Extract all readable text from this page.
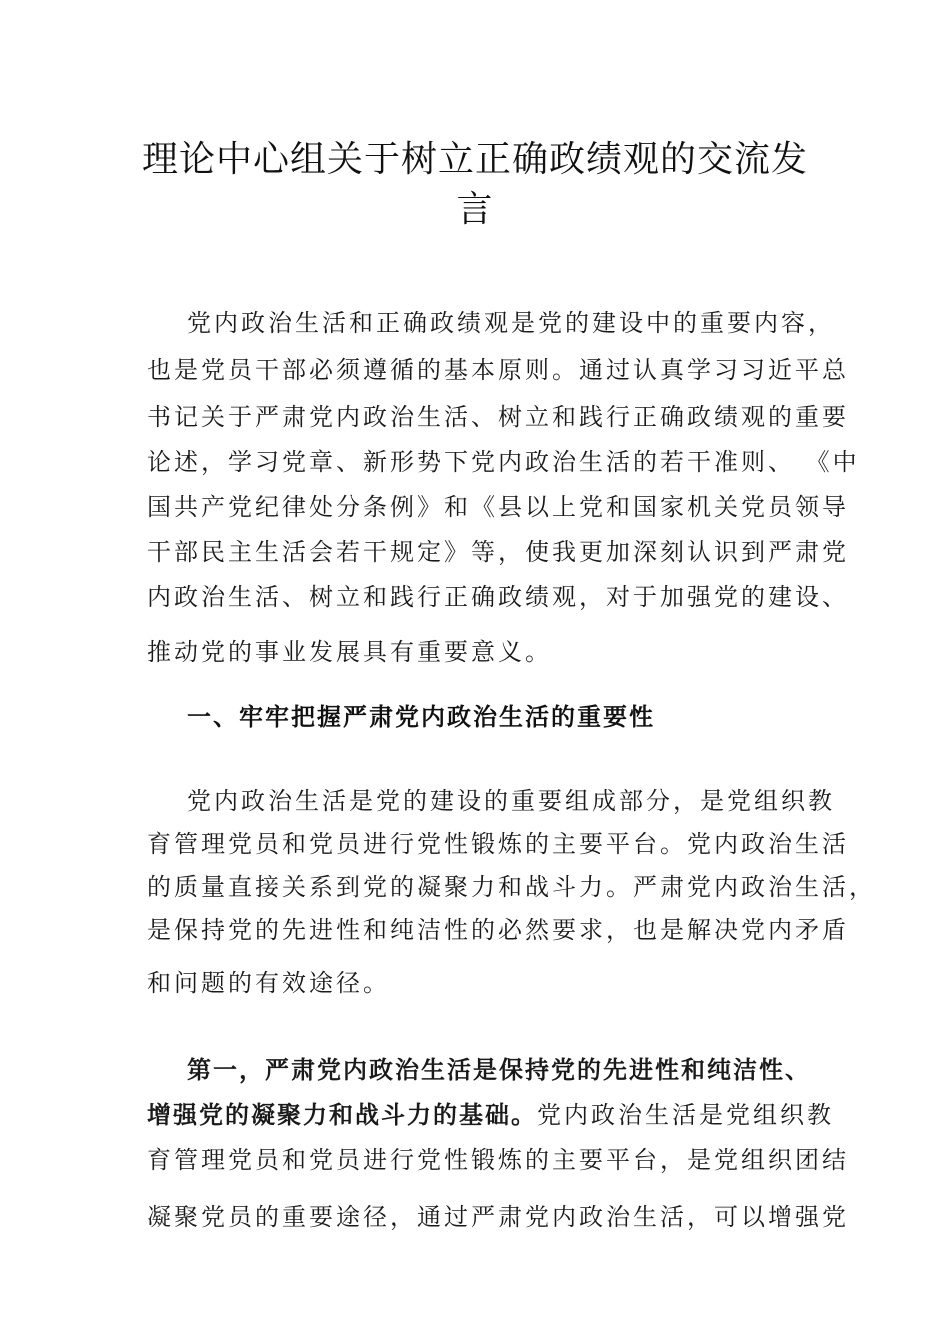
理论中心组关于树立正确政绩观的交流发
言
党内政治生活和正确政绩观是党的建设中的重要内容，
也是党员干部必须遵循的基本原则。通过认真学习习近平总
书记关于严肃党内政治生活、树立和践行正确政绩观的重要
论述，学习党章、新形势下党内政治生活的若干准则、 《中
国共产党纪律处分条例》和《县以上党和国家机关党员领导
干部民主生活会若干规定》等，使我更加深刻认识到严肃党
内政治生活、树立和践行正确政绩观，对于加强党的建设、
推动党的事业发展具有重要意义。
一、牢牢把握严肃党内政治生活的重要性
党内政治生活是党的建设的重要组成部分，是党组织教
育管理党员和党员进行党性锻炼的主要平台。党内政治生活
的质量直接关系到党的凝聚力和战斗力。严肃党内政治生活，
是保持党的先进性和纯洁性的必然要求，也是解决党内矛盾
和问题的有效途径。
第一，严肃党内政治生活是保持党的先进性和纯洁性、
增强党的凝聚力和战斗力的基础。党内政治生活是党组织教
育管理党员和党员进行党性锻炼的主要平台，是党组织团结
凝聚党员的重要途径，通过严肃党内政治生活，可以增强党
